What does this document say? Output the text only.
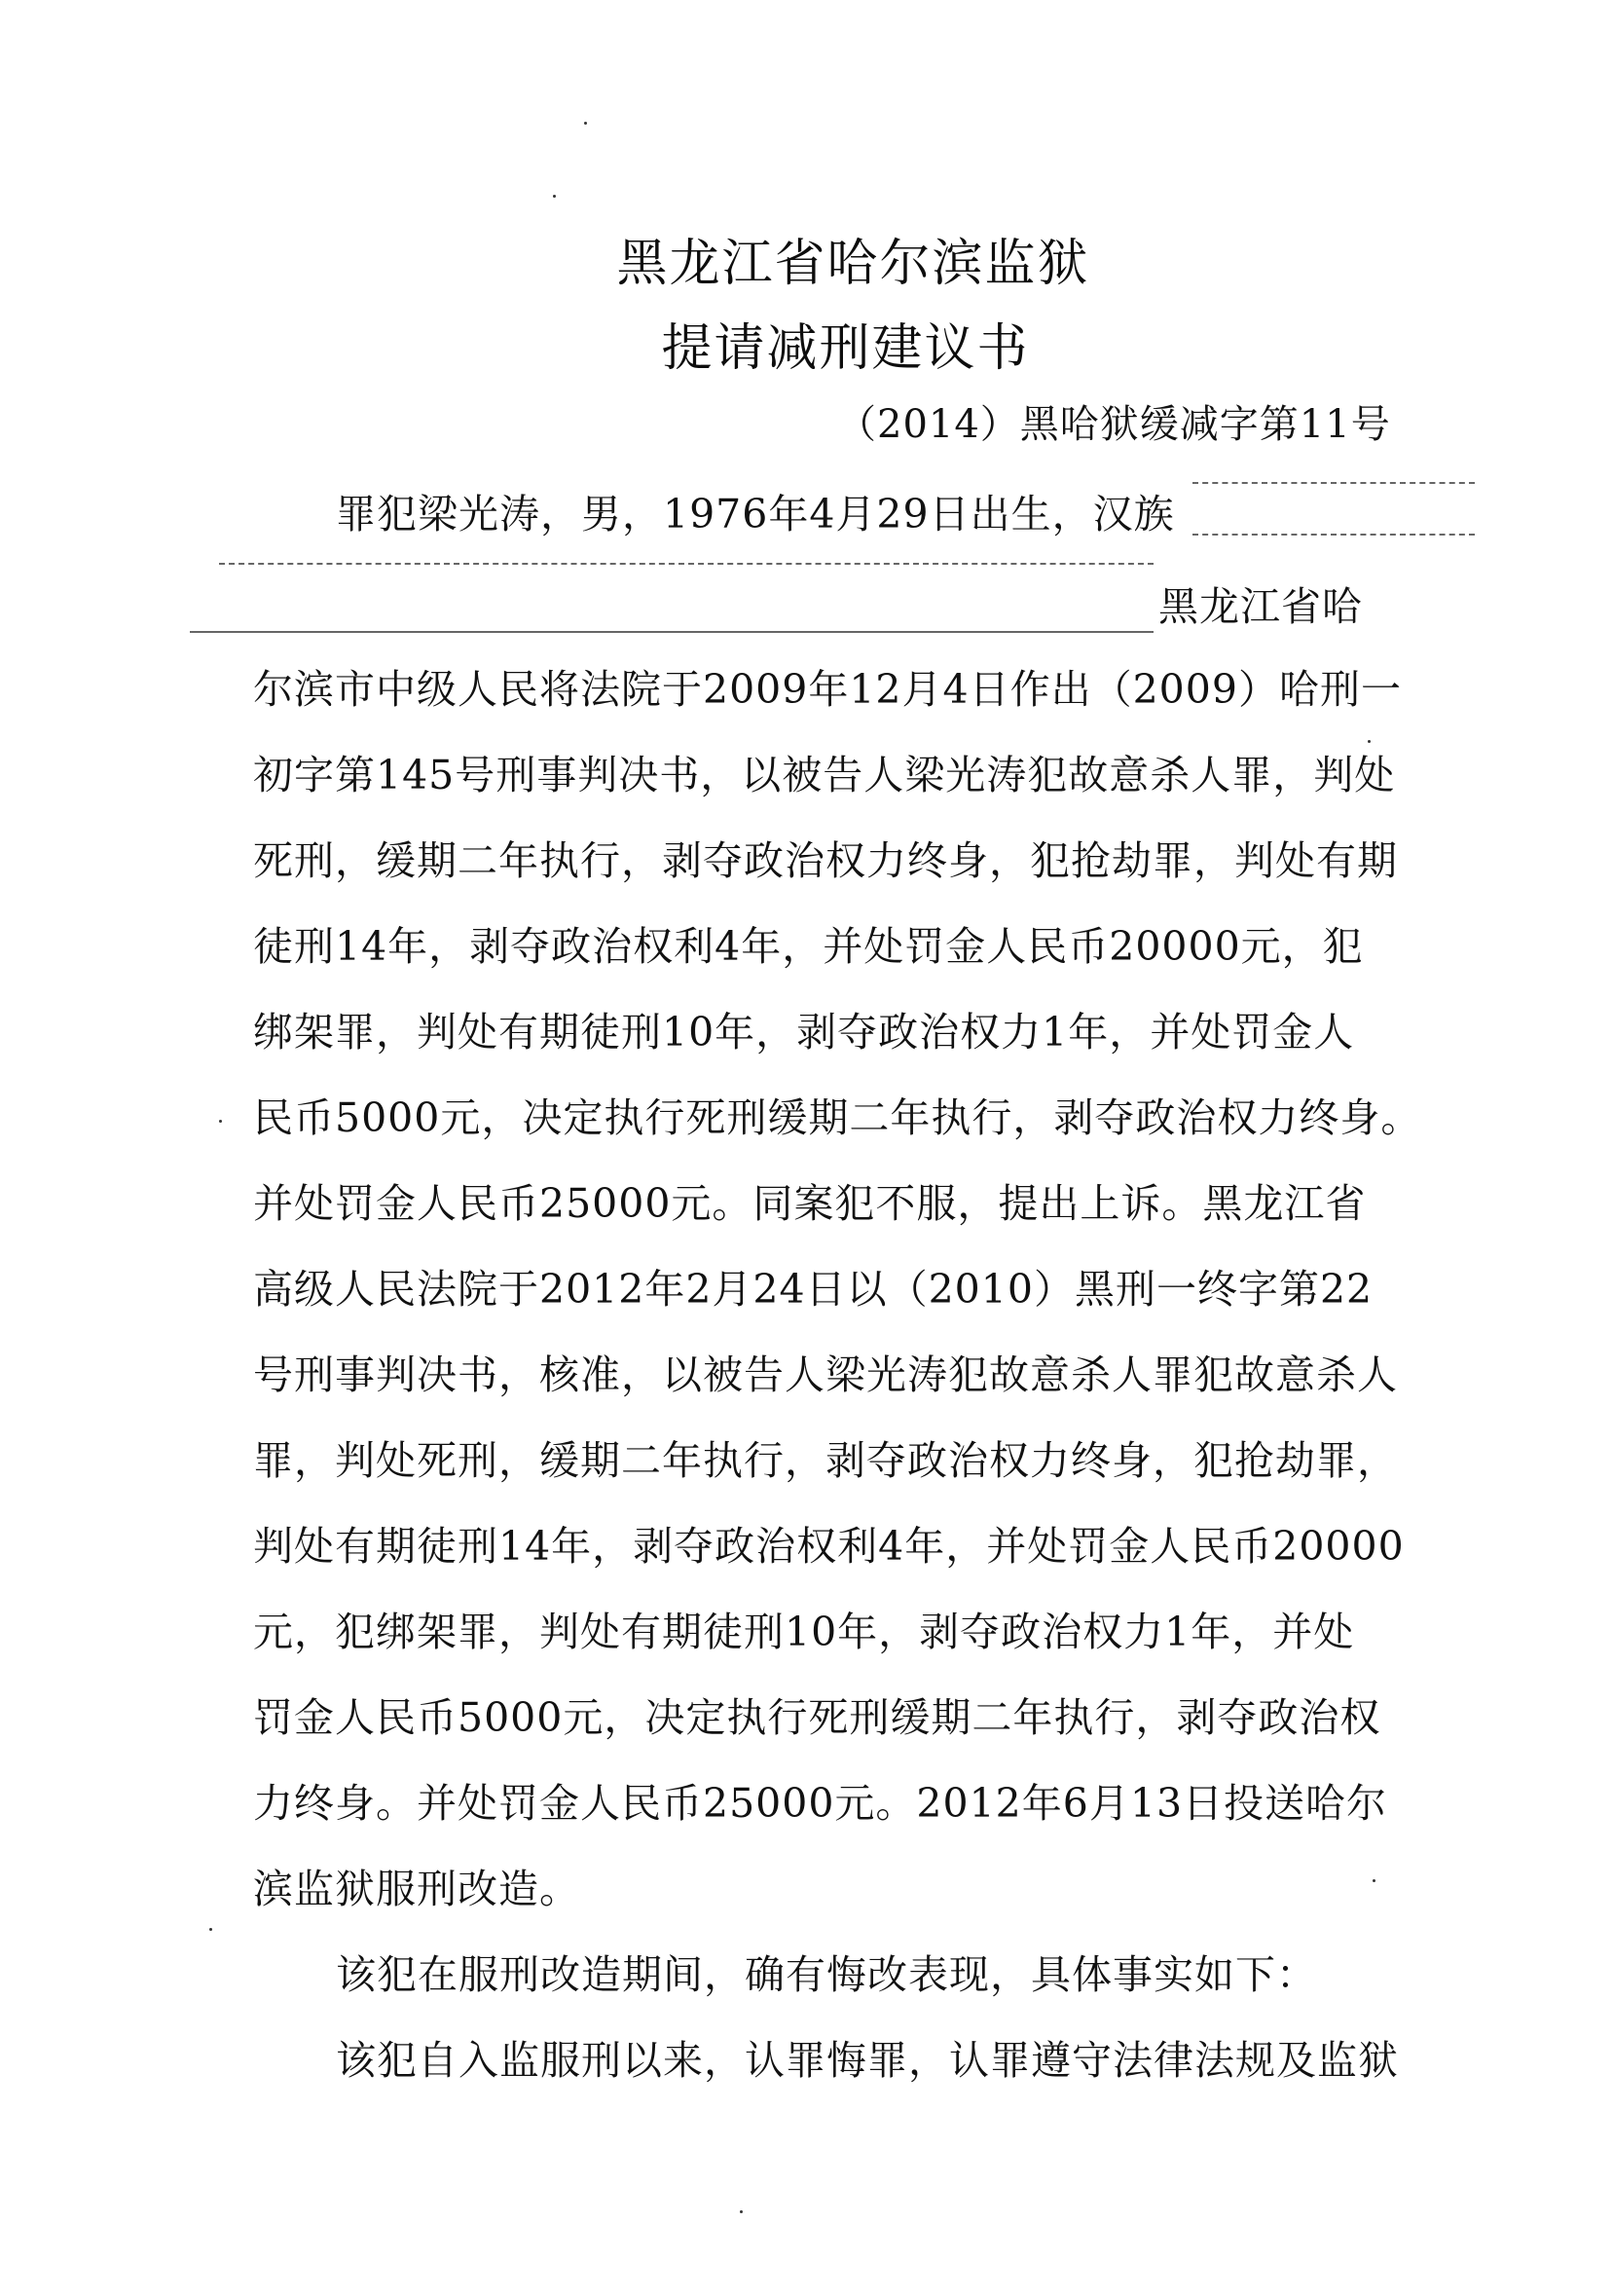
黑龙江省哈尔滨监狱
提请减刑建议书
（2014）黑哈狱缓减字第11号
罪犯梁光涛，男，1976年4月29日出生，汉族
黑龙江省哈
尔滨市中级人民将法院于2009年12月4日作出（2009）哈刑一
初字第145号刑事判决书，以被告人梁光涛犯故意杀人罪，判处
死刑，缓期二年执行，剥夺政治权力终身，犯抢劫罪，判处有期
徒刑14年，剥夺政治权利4年，并处罚金人民币20000元，犯
绑架罪，判处有期徒刑10年，剥夺政治权力1年，并处罚金人
民币5000元，决定执行死刑缓期二年执行，剥夺政治权力终身。
并处罚金人民币25000元。同案犯不服，提出上诉。黑龙江省
高级人民法院于2012年2月24日以（2010）黑刑一终字第22
号刑事判决书，核准，以被告人梁光涛犯故意杀人罪犯故意杀人
罪，判处死刑，缓期二年执行，剥夺政治权力终身，犯抢劫罪，
判处有期徒刑14年，剥夺政治权利4年，并处罚金人民币20000
元，犯绑架罪，判处有期徒刑10年，剥夺政治权力1年，并处
罚金人民币5000元，决定执行死刑缓期二年执行，剥夺政治权
力终身。并处罚金人民币25000元。2012年6月13日投送哈尔
滨监狱服刑改造。
该犯在服刑改造期间，确有悔改表现，具体事实如下：
该犯自入监服刑以来，认罪悔罪，认罪遵守法律法规及监狱
